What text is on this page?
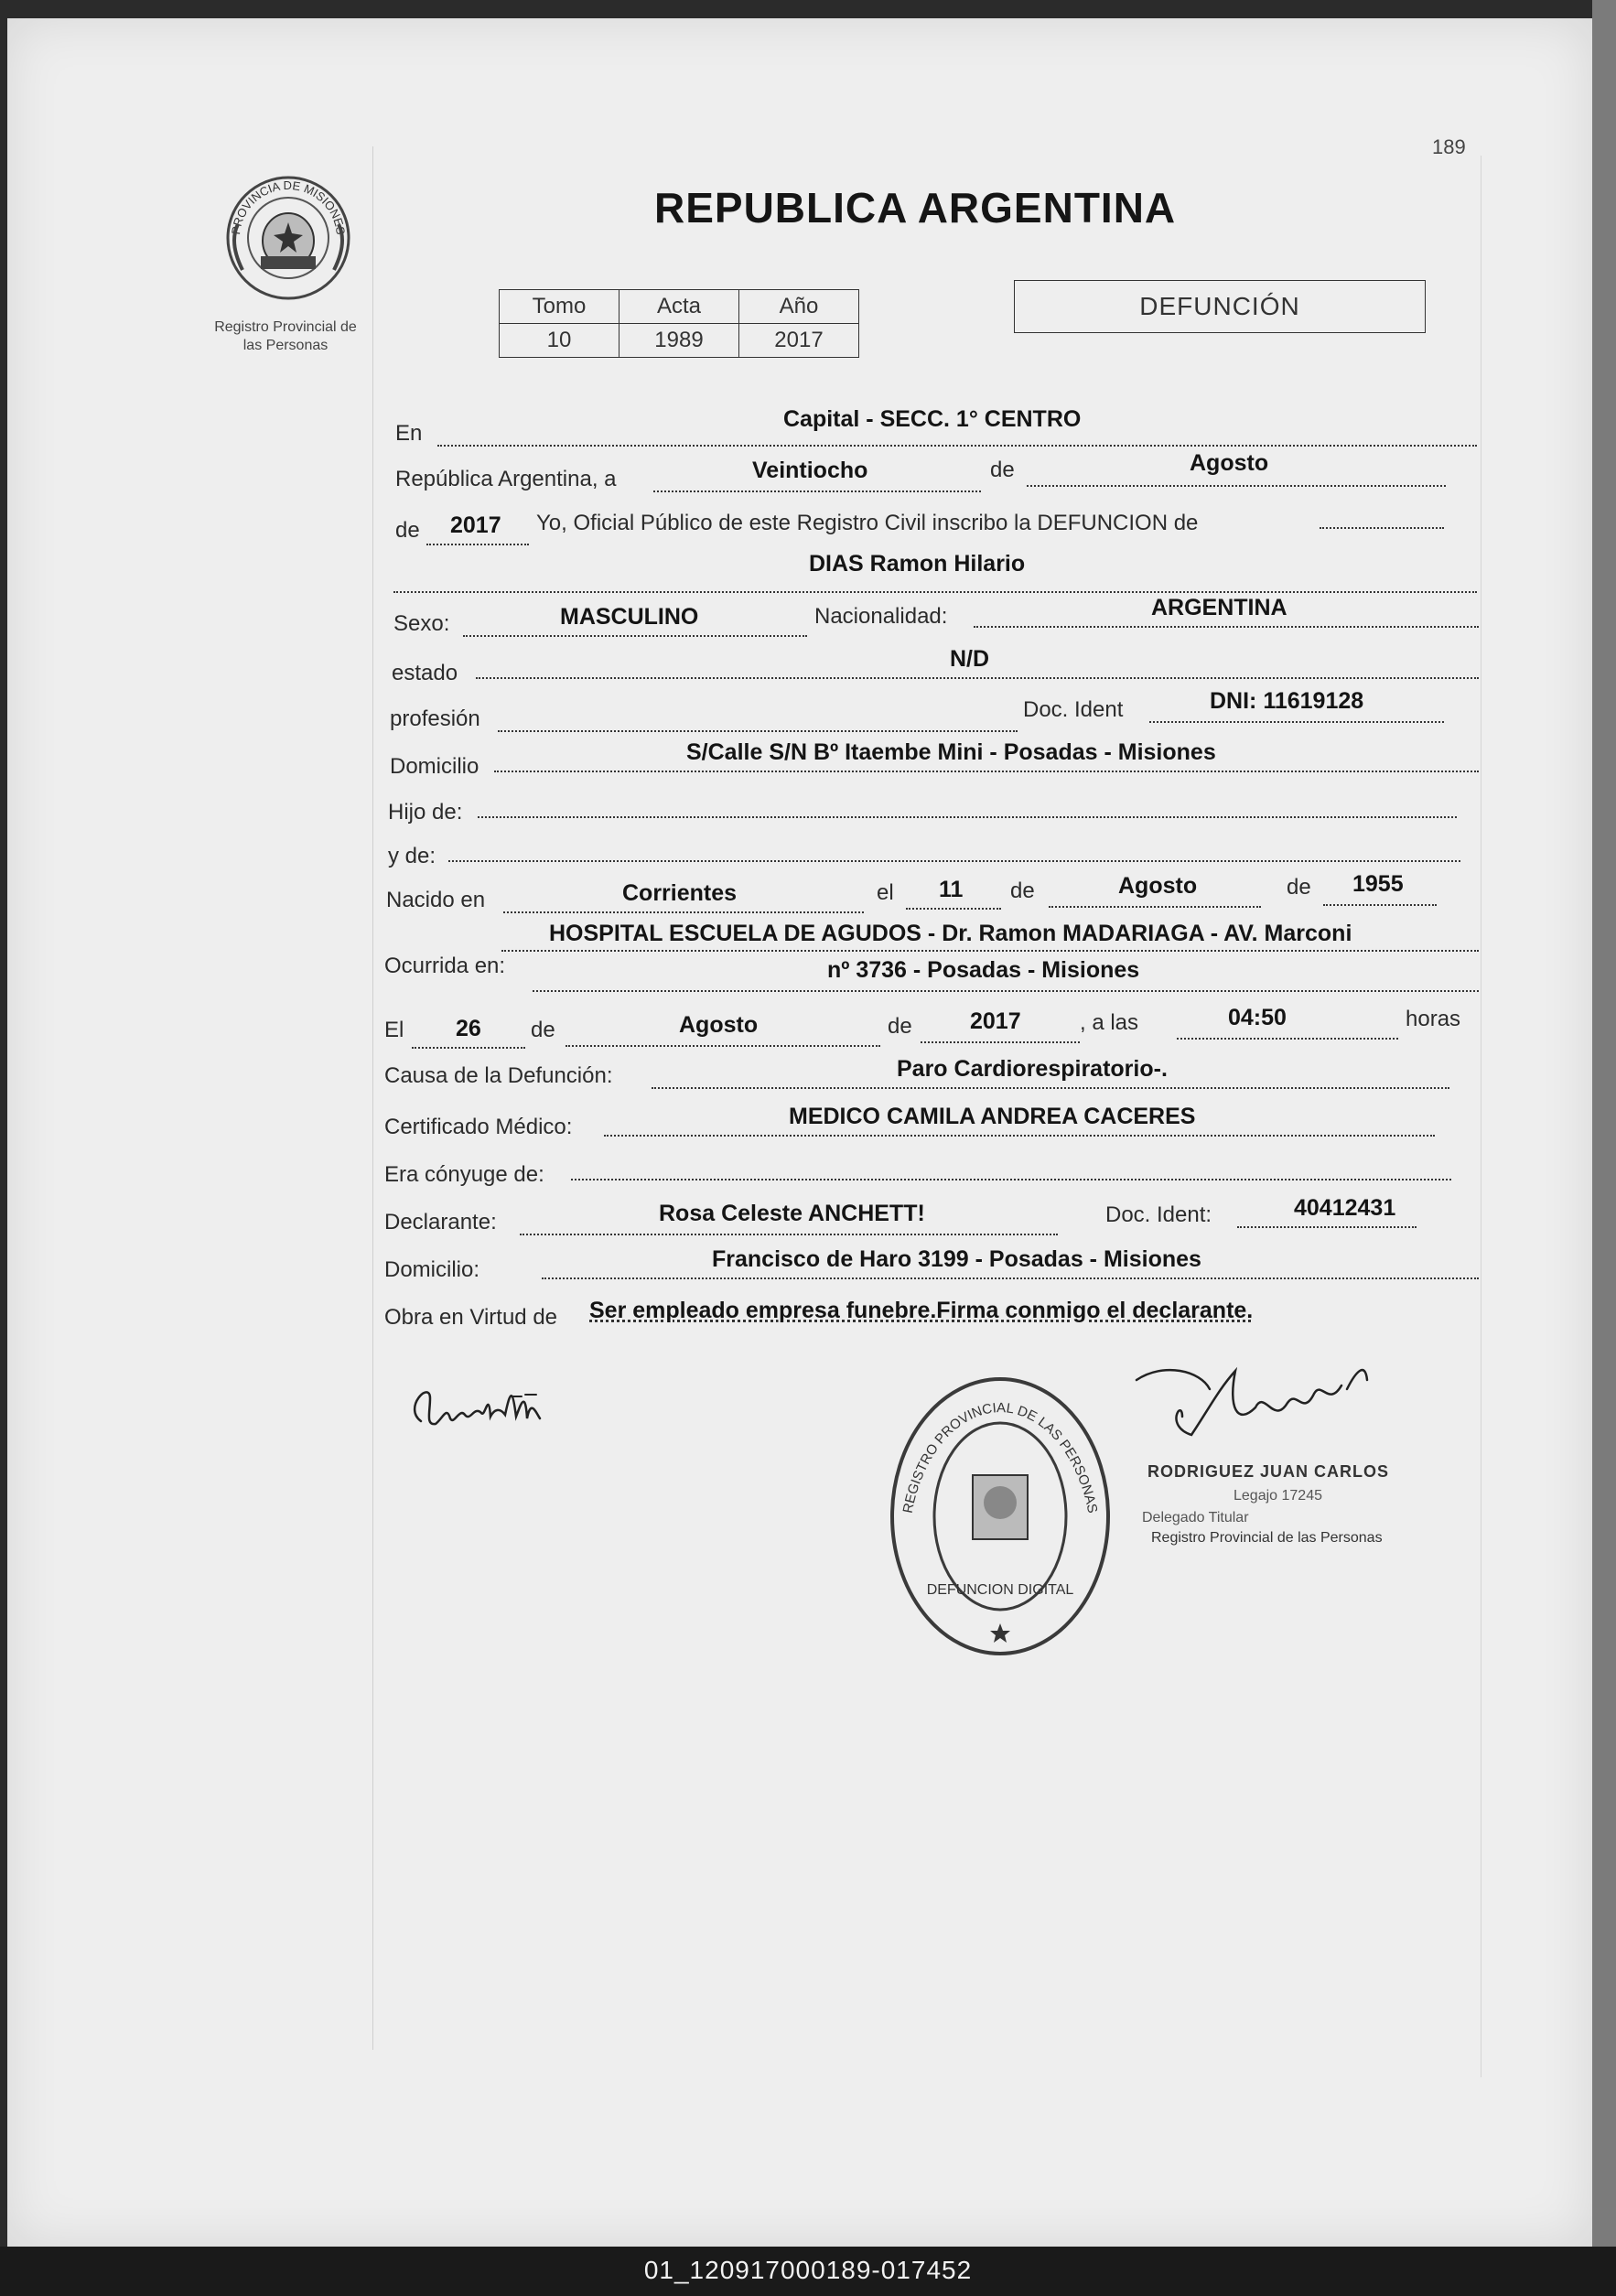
189
PROVINCIA DE MISIONES
Registro Provincial de
las Personas
REPUBLICA ARGENTINA
Tomo	Acta	Año
10	1989	2017
DEFUNCIÓN
En
Capital - SECC. 1° CENTRO
República Argentina, a	Veintiocho	de	Agosto
de 2017 Yo, Oficial Público de este Registro Civil inscribo la DEFUNCION de
DIAS Ramon Hilario
Sexo:	MASCULINO	Nacionalidad:	ARGENTINA
estado
N/D
profesión	Doc. Ident	DNI: 11619128
Domicilio
S/Calle S/N Bº Itaembe Mini - Posadas - Misiones
Hijo de:
y de:
Nacido en	Corrientes	el 11 de	Agosto	de 1955
HOSPITAL ESCUELA DE AGUDOS - Dr. Ramon MADARIAGA - AV. Marconi
Ocurrida en:	nº 3736 - Posadas - Misiones
El 26 de	Agosto	de	2017	, a las	04:50	horas
Causa de la Defunción:	Paro Cardiorespiratorio-.
Certificado Médico:	MEDICO CAMILA ANDREA CACERES
Era cónyuge de:
Declarante:	Rosa Celeste ANCHETT!	Doc. Ident:	40412431
Domicilio:	Francisco de Haro 3199 - Posadas - Misiones
Obra en Virtud de Ser empleado empresa funebre.Firma conmigo el declarante.
REGISTRO PROVINCIAL DE LAS PERSONAS
DEFUNCION DIGITAL
RODRIGUEZ JUAN CARLOS
Legajo 17245
Delegado Titular
Registro Provincial de las Personas
01_120917000189-017452
